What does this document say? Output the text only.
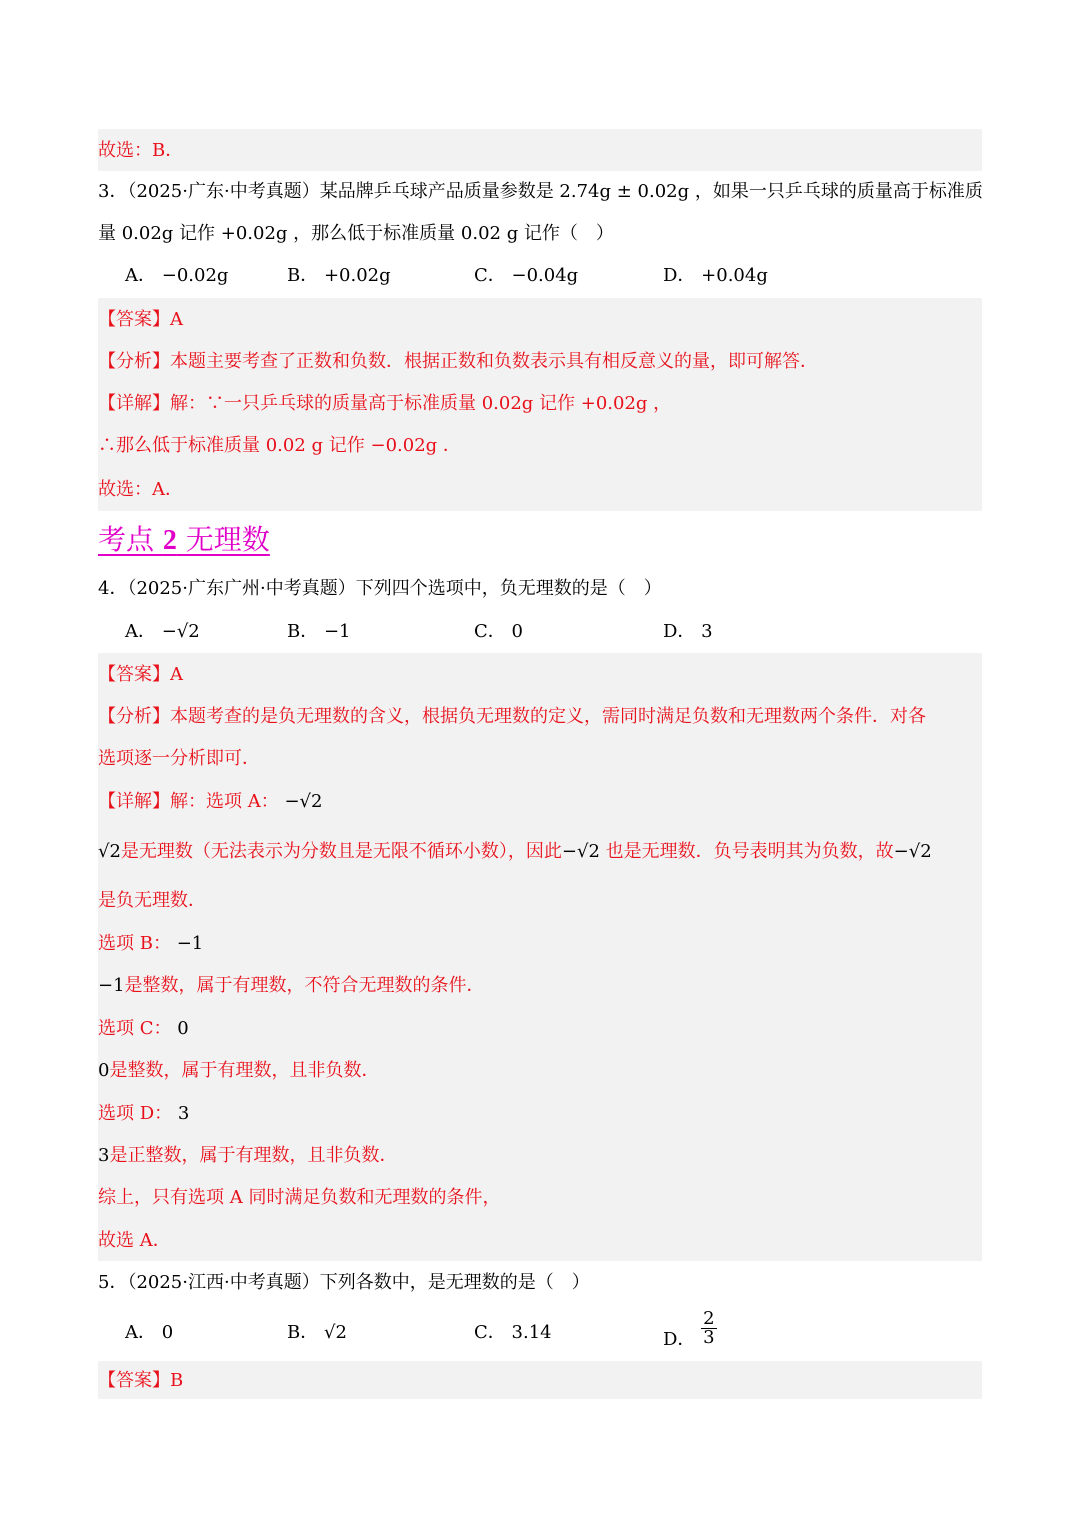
故选：B．
3．（2025·广东·中考真题）某品牌乒乓球产品质量参数是 2.74g ± 0.02g ，如果一只乒乓球的质量高于标准质
量 0.02g 记作 +0.02g ，那么低于标准质量 0.02 g 记作（　）
A． −0.02g	B． +0.02g	C． −0.04g	D． +0.04g
【答案】A
【分析】本题主要考查了正数和负数．根据正数和负数表示具有相反意义的量，即可解答．
【详解】解：∵一只乒乓球的质量高于标准质量 0.02g 记作 +0.02g ，
∴那么低于标准质量 0.02 g 记作 −0.02g ．
故选：A．
考点 2 无理数
4．（2025·广东广州·中考真题）下列四个选项中，负无理数的是（　）
A． −√2	B． −1	C． 0	D． 3
【答案】A
【分析】本题考查的是负无理数的含义，根据负无理数的定义，需同时满足负数和无理数两个条件．对各
选项逐一分析即可．
【详解】解：选项 A： −√2
√2是无理数（无法表示为分数且是无限不循环小数），因此−√2 也是无理数．负号表明其为负数，故−√2
是负无理数．
选项 B： −1
−1是整数，属于有理数，不符合无理数的条件．
选项 C： 0
0是整数，属于有理数，且非负数．
选项 D： 3
3是正整数，属于有理数，且非负数．
综上，只有选项 A 同时满足负数和无理数的条件，
故选 A．
5．（2025·江西·中考真题）下列各数中，是无理数的是（　）
A． 0	B． √2	C． 3.14	D． $\frac{2}{3}$
【答案】B
